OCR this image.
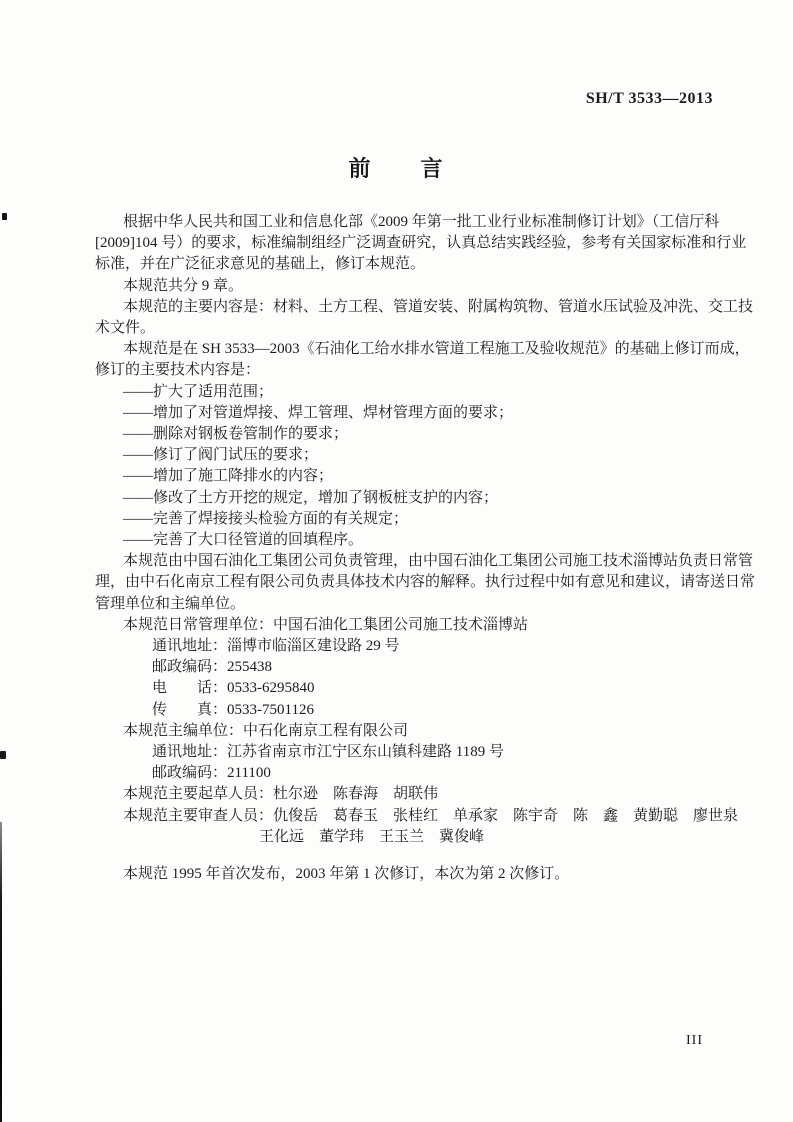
SH/T 3533—2013
前　　言
根据中华人民共和国工业和信息化部《2009 年第一批工业行业标准制修订计划》（工信厅科
[2009]104 号）的要求，标准编制组经广泛调查研究，认真总结实践经验，参考有关国家标准和行业
标准，并在广泛征求意见的基础上，修订本规范。
本规范共分 9 章。
本规范的主要内容是：材料、土方工程、管道安装、附属构筑物、管道水压试验及冲洗、交工技
术文件。
本规范是在 SH 3533—2003《石油化工给水排水管道工程施工及验收规范》的基础上修订而成，
修订的主要技术内容是：
——扩大了适用范围；
——增加了对管道焊接、焊工管理、焊材管理方面的要求；
——删除对钢板卷管制作的要求；
——修订了阀门试压的要求；
——增加了施工降排水的内容；
——修改了土方开挖的规定，增加了钢板桩支护的内容；
——完善了焊接接头检验方面的有关规定；
——完善了大口径管道的回填程序。
本规范由中国石油化工集团公司负责管理，由中国石油化工集团公司施工技术淄博站负责日常管
理，由中石化南京工程有限公司负责具体技术内容的解释。执行过程中如有意见和建议，请寄送日常
管理单位和主编单位。
本规范日常管理单位：中国石油化工集团公司施工技术淄博站
通讯地址：淄博市临淄区建设路 29 号
邮政编码：255438
电　　话：0533-6295840
传　　真：0533-7501126
本规范主编单位：中石化南京工程有限公司
通讯地址：江苏省南京市江宁区东山镇科建路 1189 号
邮政编码：211100
本规范主要起草人员：杜尔逊　陈春海　胡联伟
本规范主要审查人员：仇俊岳　葛春玉　张桂红　单承家　陈宇奇　陈　鑫　黄勤聪　廖世泉
王化远　董学玮　王玉兰　冀俊峰
本规范 1995 年首次发布，2003 年第 1 次修订，本次为第 2 次修订。
III
